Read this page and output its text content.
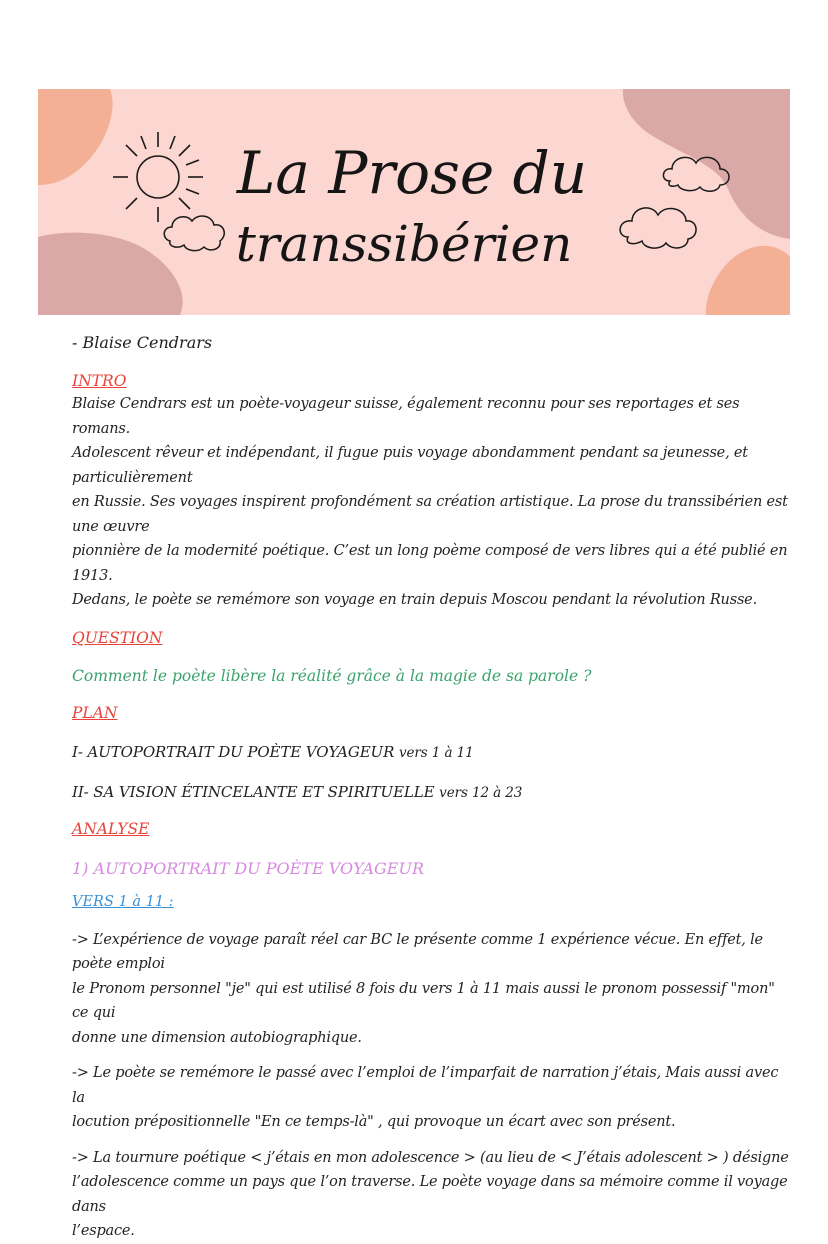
La Prose du
transsibérien

- Blaise Cendrars

INTRO

Blaise Cendrars est un poète-voyageur suisse, également reconnu pour ses reportages et ses romans.
Adolescent rêveur et indépendant, il fugue puis voyage abondamment pendant sa jeunesse, et particulièrement
en Russie. Ses voyages inspirent profondément sa création artistique. La prose du transsibérien est une œuvre
pionnière de la modernité poétique. C’est un long poème composé de vers libres qui a été publié en 1913.
Dedans, le poète se remémore son voyage en train depuis Moscou pendant la révolution Russe.

QUESTION

Comment le poète libère la réalité grâce à la magie de sa parole ?

PLAN

I- AUTOPORTRAIT DU POÈTE VOYAGEUR vers 1 à 11

II- SA VISION ÉTINCELANTE ET SPIRITUELLE vers 12 à 23

ANALYSE

1) AUTOPORTRAIT DU POÈTE VOYAGEUR

VERS 1 à 11 :

-> L’expérience de voyage paraît réel car BC le présente comme 1 expérience vécue. En effet, le poète emploi
le Pronom personnel "je" qui est utilisé 8 fois du vers 1 à 11 mais aussi le pronom possessif "mon" ce qui
donne une dimension autobiographique.

-> Le poète se remémore le passé avec l’emploi de l’imparfait de narration j’étais, Mais aussi avec la
locution prépositionnelle "En ce temps-là" , qui provoque un écart avec son présent.

-> La tournure poétique < j’étais en mon adolescence > (au lieu de < J’étais adolescent > ) désigne
l’adolescence comme un pays que l’on traverse. Le poète voyage dans sa mémoire comme il voyage dans
l’espace.
